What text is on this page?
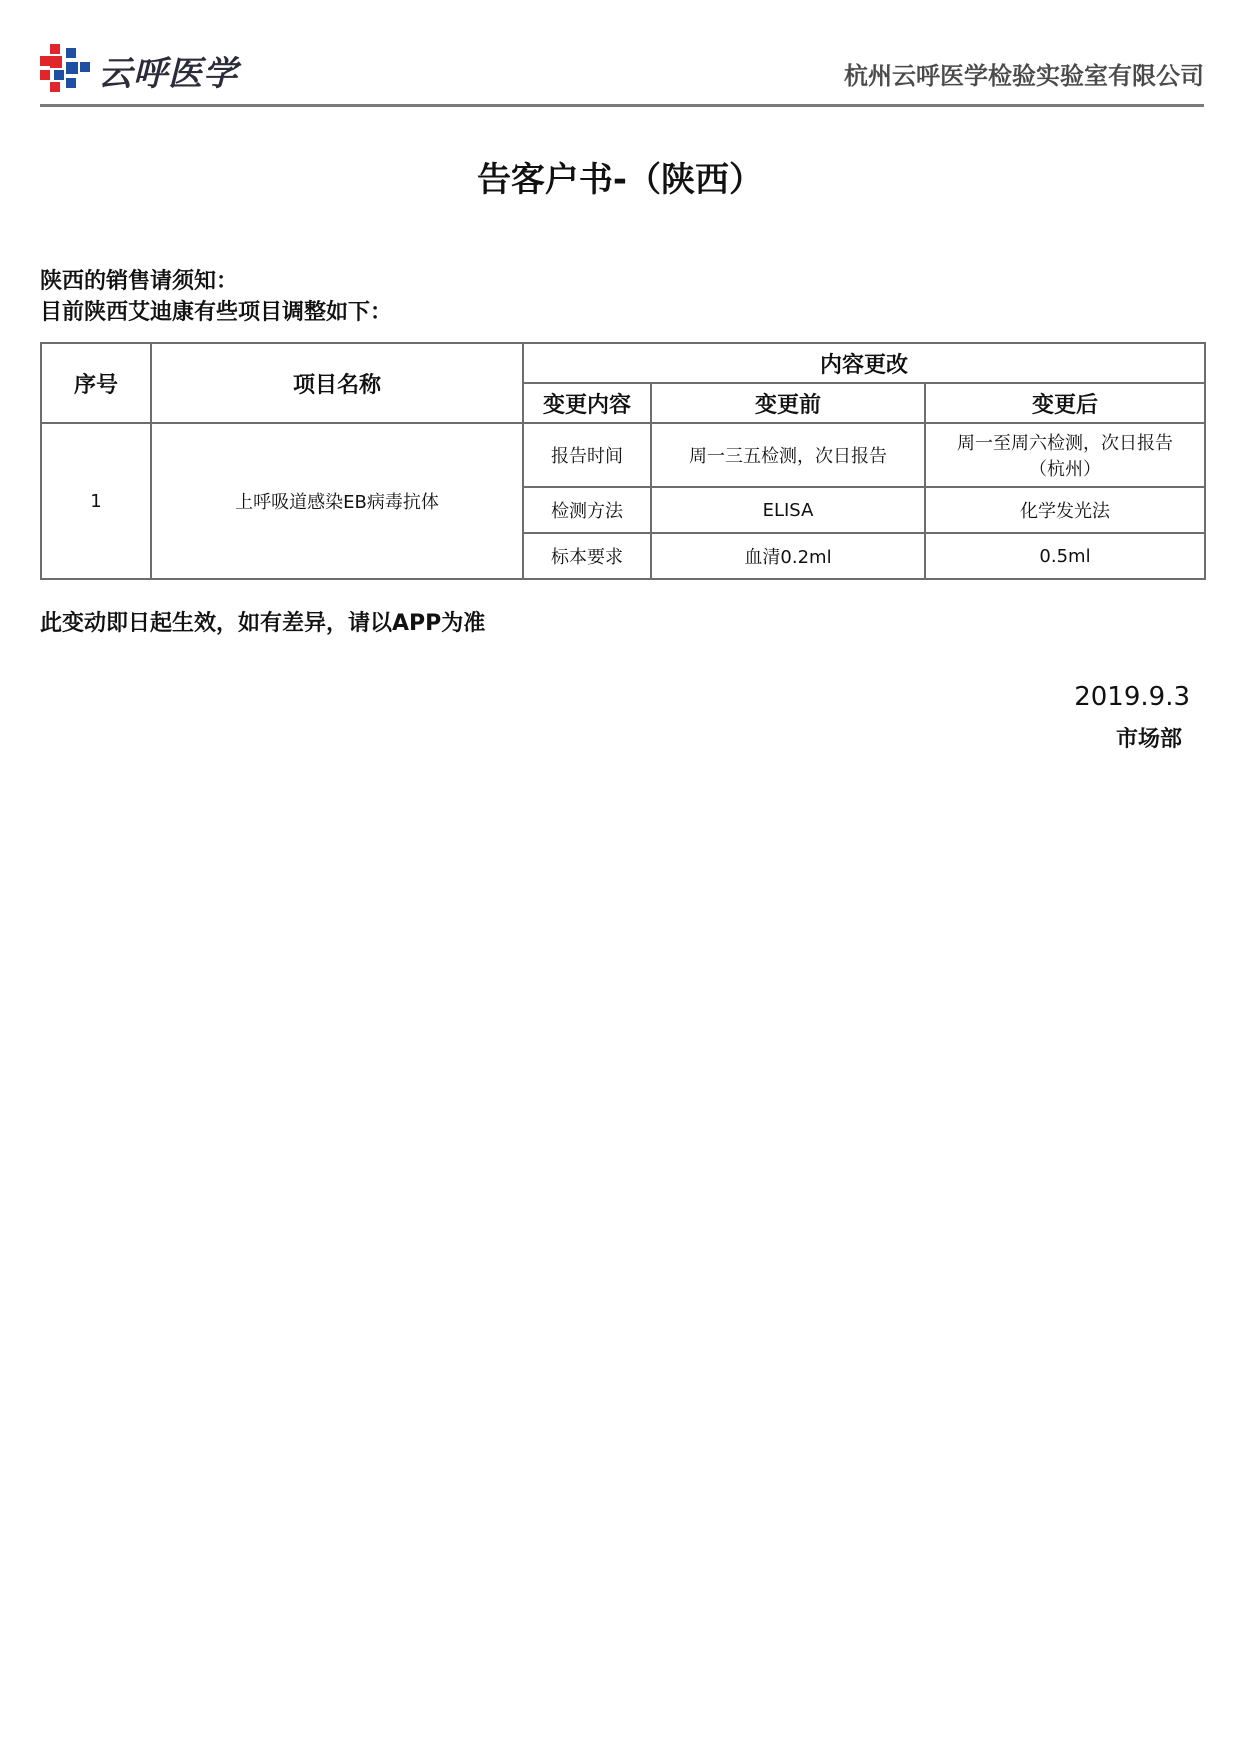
云呼医学	杭州云呼医学检验实验室有限公司
告客户书-（陕西）
陕西的销售请须知：
目前陕西艾迪康有些项目调整如下：
序号	项目名称	内容更改		
		变更内容	变更前	变更后
1	上呼吸道感染EB病毒抗体	报告时间	周一三五检测，次日报告	周一至周六检测，次日报告
（杭州）

		检测方法	ELISA	化学发光法
		标本要求	血清0.2ml	0.5ml
此变动即日起生效，如有差异，请以APP为准
2019.9.3
市场部
